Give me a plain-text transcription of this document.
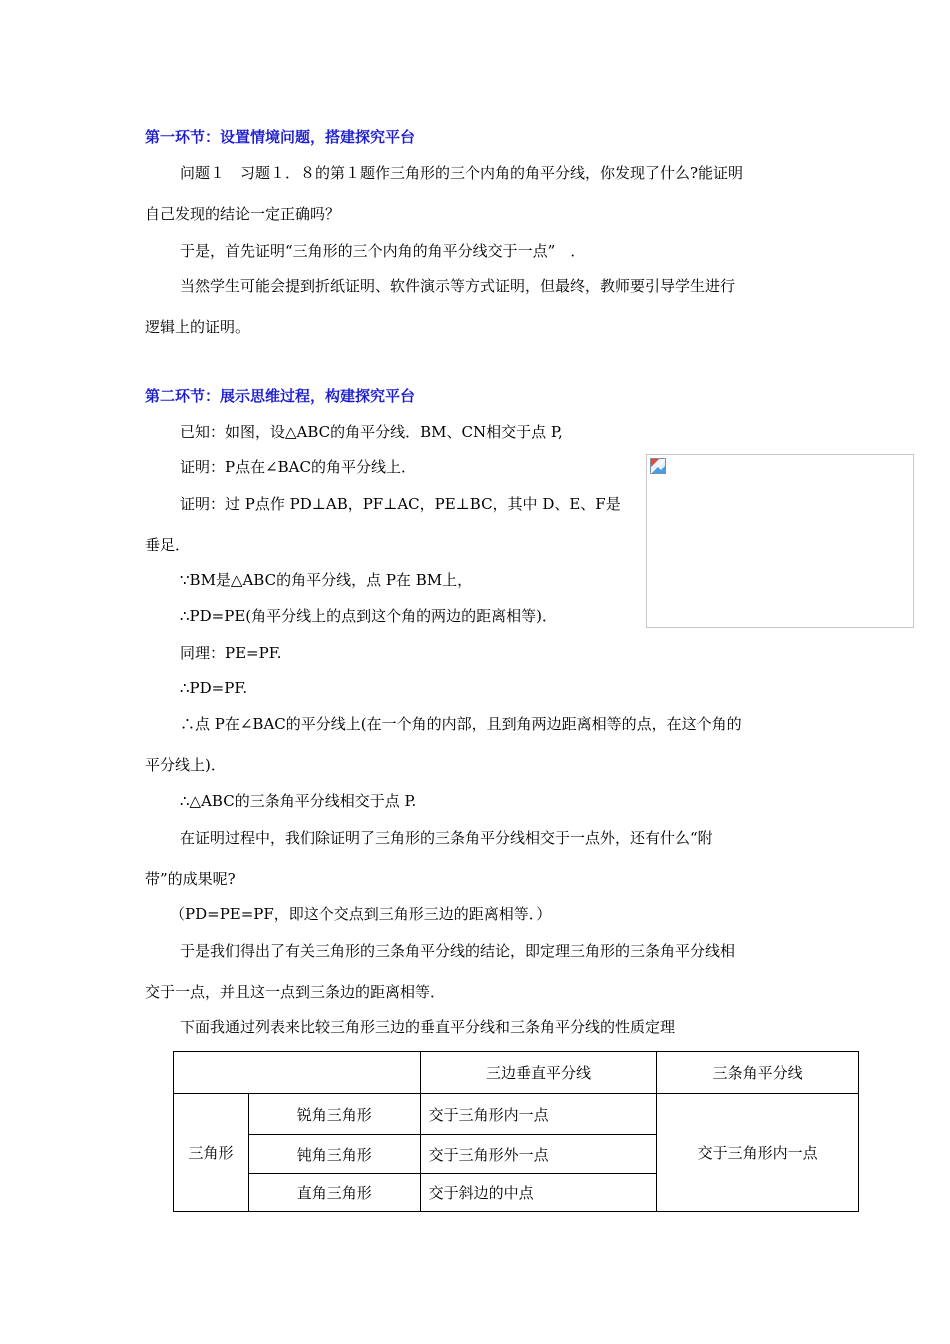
第一环节：设置情境问题，搭建探究平台
问题１　习题１．８的第１题作三角形的三个内角的角平分线，你发现了什么?能证明
自己发现的结论一定正确吗？
于是，首先证明“三角形的三个内角的角平分线交于一点”　．
当然学生可能会提到折纸证明、软件演示等方式证明，但最终，教师要引导学生进行
逻辑上的证明。
第二环节：展示思维过程，构建探究平台
已知：如图，设△ABC的角平分线．BM、CN相交于点 P,
证明：P点在∠BAC的角平分线上．
证明：过 P点作 PD⊥AB，PF⊥AC，PE⊥BC，其中 D、E、F是
垂足．
∵BM是△ABC的角平分线，点 P在 BM上，
∴PD=PE(角平分线上的点到这个角的两边的距离相等)．
同理：PE=PF.
∴PD=PF.
∴点 P在∠BAC的平分线上(在一个角的内部，且到角两边距离相等的点，在这个角的
平分线上)．
∴△ABC的三条角平分线相交于点 P.
在证明过程中，我们除证明了三角形的三条角平分线相交于一点外，还有什么“附
带”的成果呢?
（PD=PE=PF，即这个交点到三角形三边的距离相等．）
于是我们得出了有关三角形的三条角平分线的结论，即定理三角形的三条角平分线相
交于一点，并且这一点到三条边的距离相等．
下面我通过列表来比较三角形三边的垂直平分线和三条角平分线的性质定理
		三边垂直平分线	三条角平分线
三角形	锐角三角形	交于三角形内一点	交于三角形内一点
	钝角三角形	交于三角形外一点	
	直角三角形	交于斜边的中点	
